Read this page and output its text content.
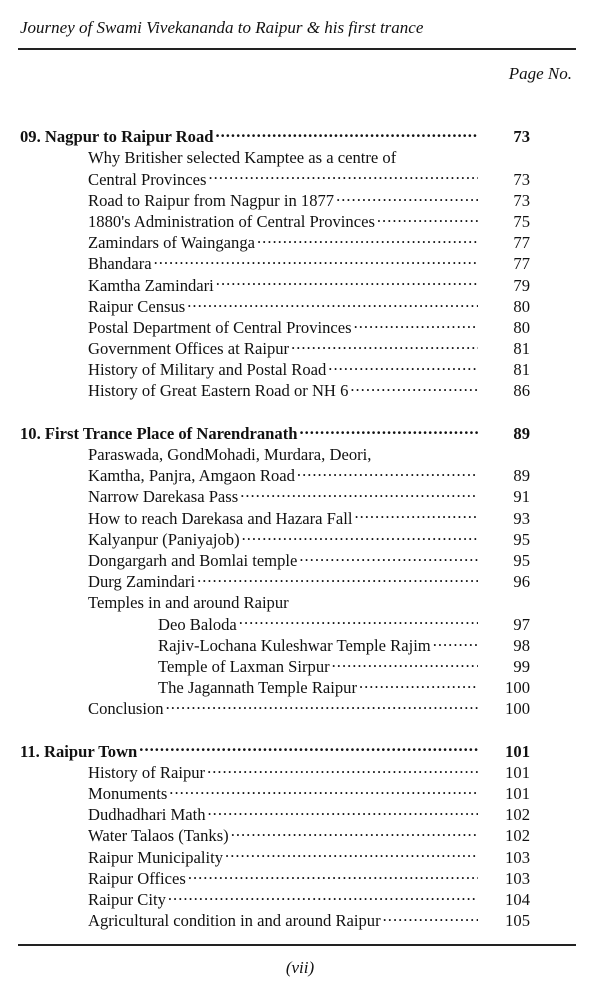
Journey of Swami Vivekananda to Raipur & his first trance
Page No.
09. Nagpur to Raipur Road .....	73
Why Britisher selected Kamptee as a centre of
Central Provinces .....	73
Road to Raipur from Nagpur in 1877 .....	73
1880's Administration of Central Provinces .....	75
Zamindars of Wainganga .....	77
Bhandara .....	77
Kamtha Zamindari .....	79
Raipur Census .....	80
Postal Department of Central Provinces .....	80
Government Offices at Raipur .....	81
History of Military and Postal Road .....	81
History of Great Eastern Road or NH 6 .....	86
10. First Trance Place of Narendranath .....	89
Paraswada, GondMohadi, Murdara, Deori,
Kamtha, Panjra, Amgaon Road .....	89
Narrow Darekasa Pass .....	91
How to reach Darekasa and Hazara Fall .....	93
Kalyanpur (Paniyajob) .....	95
Dongargarh and Bomlai temple .....	95
Durg Zamindari .....	96
Temples in and around Raipur
Deo Baloda .....	97
Rajiv-Lochana Kuleshwar Temple Rajim .....	98
Temple of Laxman Sirpur .....	99
The Jagannath Temple Raipur .....	100
Conclusion .....	100
11. Raipur Town .....	101
History of Raipur .....	101
Monuments .....	101
Dudhadhari Math .....	102
Water Talaos (Tanks) .....	102
Raipur Municipality .....	103
Raipur Offices .....	103
Raipur City .....	104
Agricultural condition in and around Raipur .....	105
(vii)
